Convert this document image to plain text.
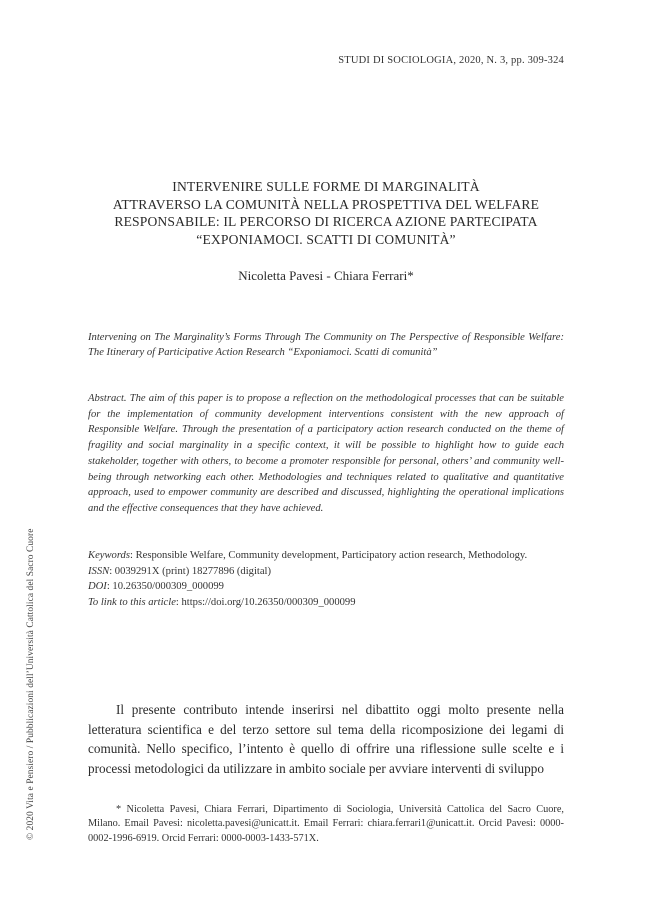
STUDI DI SOCIOLOGIA, 2020, N. 3, pp. 309-324
INTERVENIRE SULLE FORME DI MARGINALITÀ
ATTRAVERSO LA COMUNITÀ NELLA PROSPETTIVA DEL WELFARE
RESPONSABILE: IL PERCORSO DI RICERCA AZIONE PARTECIPATA
“EXPONIAMOCI. SCATTI DI COMUNITÀ”
Nicoletta Pavesi - Chiara Ferrari*
Intervening on The Marginality’s Forms Through The Community on The Perspective of Responsible Welfare: The Itinerary of Participative Action Research “Exponiamoci. Scatti di comunità”
Abstract. The aim of this paper is to propose a reflection on the methodological processes that can be suitable for the implementation of community development interventions consistent with the new approach of Responsible Welfare. Through the presentation of a participatory action research conducted on the theme of fragility and social marginality in a specific context, it will be possible to highlight how to guide each stakeholder, together with others, to become a promoter responsible for personal, others’ and community well-being through networking each other. Methodologies and techniques related to qualitative and quantitative approach, used to empower community are described and discussed, highlighting the operational implications and the effective consequences that they have achieved.
Keywords: Responsible Welfare, Community development, Participatory action research, Methodology.
ISSN: 0039291X (print) 18277896 (digital)
DOI: 10.26350/000309_000099
To link to this article: https://doi.org/10.26350/000309_000099
Il presente contributo intende inserirsi nel dibattito oggi molto presente nella letteratura scientifica e del terzo settore sul tema della ricomposizione dei legami di comunità. Nello specifico, l’intento è quello di offrire una riflessione sulle scelte e i processi metodologici da utilizzare in ambito sociale per avviare interventi di sviluppo
* Nicoletta Pavesi, Chiara Ferrari, Dipartimento di Sociologia, Università Cattolica del Sacro Cuore, Milano. Email Pavesi: nicoletta.pavesi@unicatt.it. Email Ferrari: chiara.ferrari1@unicatt.it. Orcid Pavesi: 0000-0002-1996-6919. Orcid Ferrari: 0000-0003-1433-571X.
© 2020 Vita e Pensiero / Pubblicazioni dell’Università Cattolica del Sacro Cuore
